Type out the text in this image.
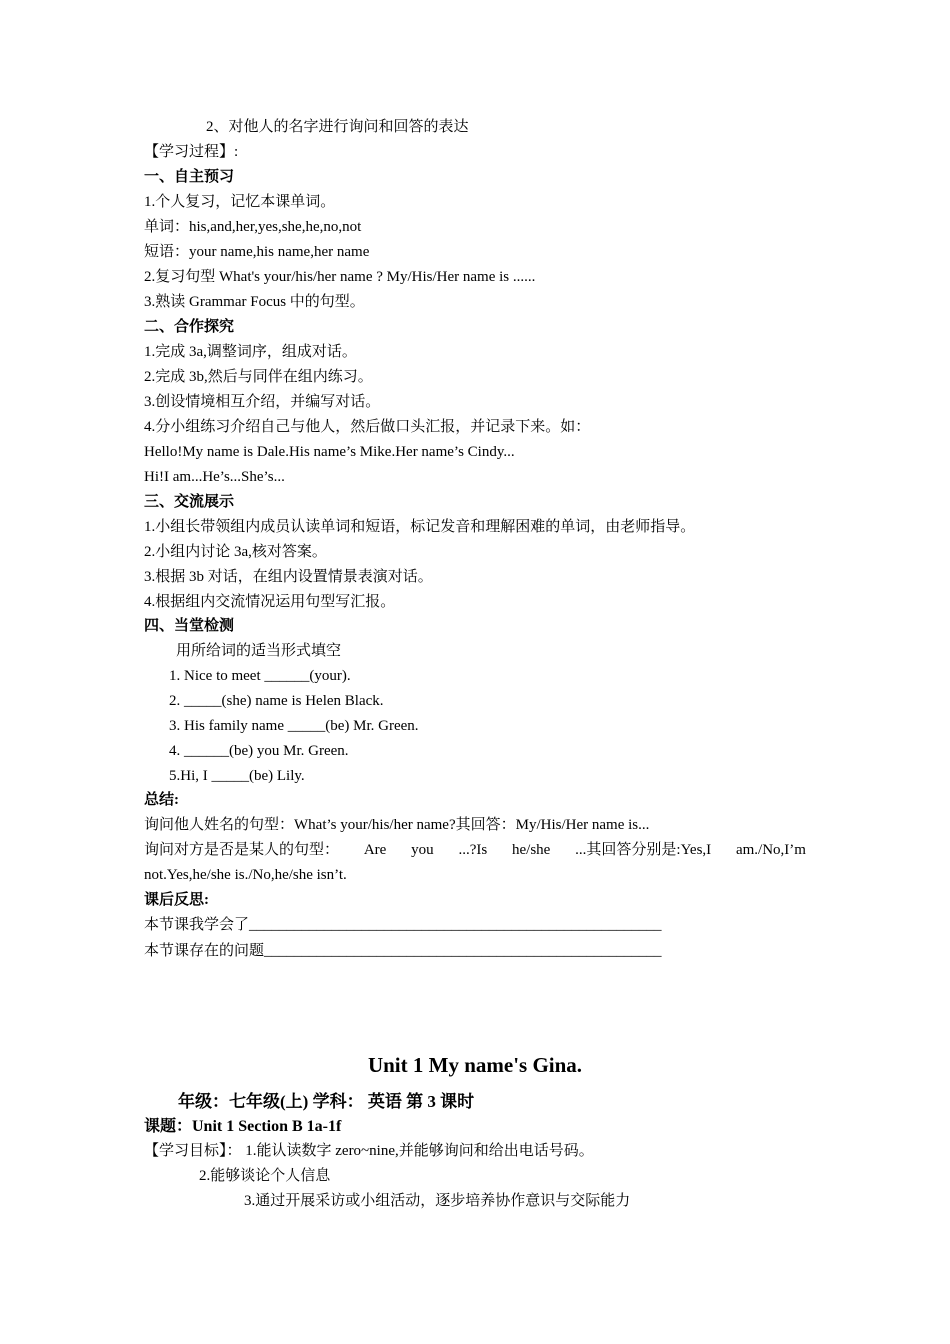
2、对他人的名字进行询问和回答的表达
【学习过程】:
一、自主预习
1.个人复习，记忆本课单词。
单词：his,and,her,yes,she,he,no,not
短语：your name,his name,her name
2.复习句型 What's your/his/her name ? My/His/Her name is ......
3.熟读 Grammar Focus 中的句型。
二、合作探究
1.完成 3a,调整词序，组成对话。
2.完成 3b,然后与同伴在组内练习。
3.创设情境相互介绍，并编写对话。
4.分小组练习介绍自己与他人，然后做口头汇报，并记录下来。如：
Hello!My name is Dale.His name’s Mike.Her name’s Cindy...
Hi!I am...He’s...She’s...
三、交流展示
1.小组长带领组内成员认读单词和短语，标记发音和理解困难的单词，由老师指导。
2.小组内讨论 3a,核对答案。
3.根据 3b 对话，在组内设置情景表演对话。
4.根据组内交流情况运用句型写汇报。
四、当堂检测
用所给词的适当形式填空
1. Nice to meet ______(your).
2. _____(she) name is Helen Black.
3. His family name _____(be) Mr. Green.
4. ______(be) you Mr. Green.
5.Hi, I _____(be) Lily.
总结:
询问他人姓名的句型：What’s your/his/her name?其回答：My/His/Her name is...
询问对方是否是某人的句型： Are you ...?Is he/she ...其回答分别是:Yes,I am./No,I’m
not.Yes,he/she is./No,he/she isn’t.
课后反思:
本节课我学会了_______________________________________________________
本节课存在的问题_____________________________________________________
Unit 1 My name's Gina.
年级：七年级(上) 学科： 英语 第 3 课时
课题：Unit 1 Section B 1a-1f
【学习目标】： 1.能认读数字 zero~nine,并能够询问和给出电话号码。
2.能够谈论个人信息
3.通过开展采访或小组活动，逐步培养协作意识与交际能力
